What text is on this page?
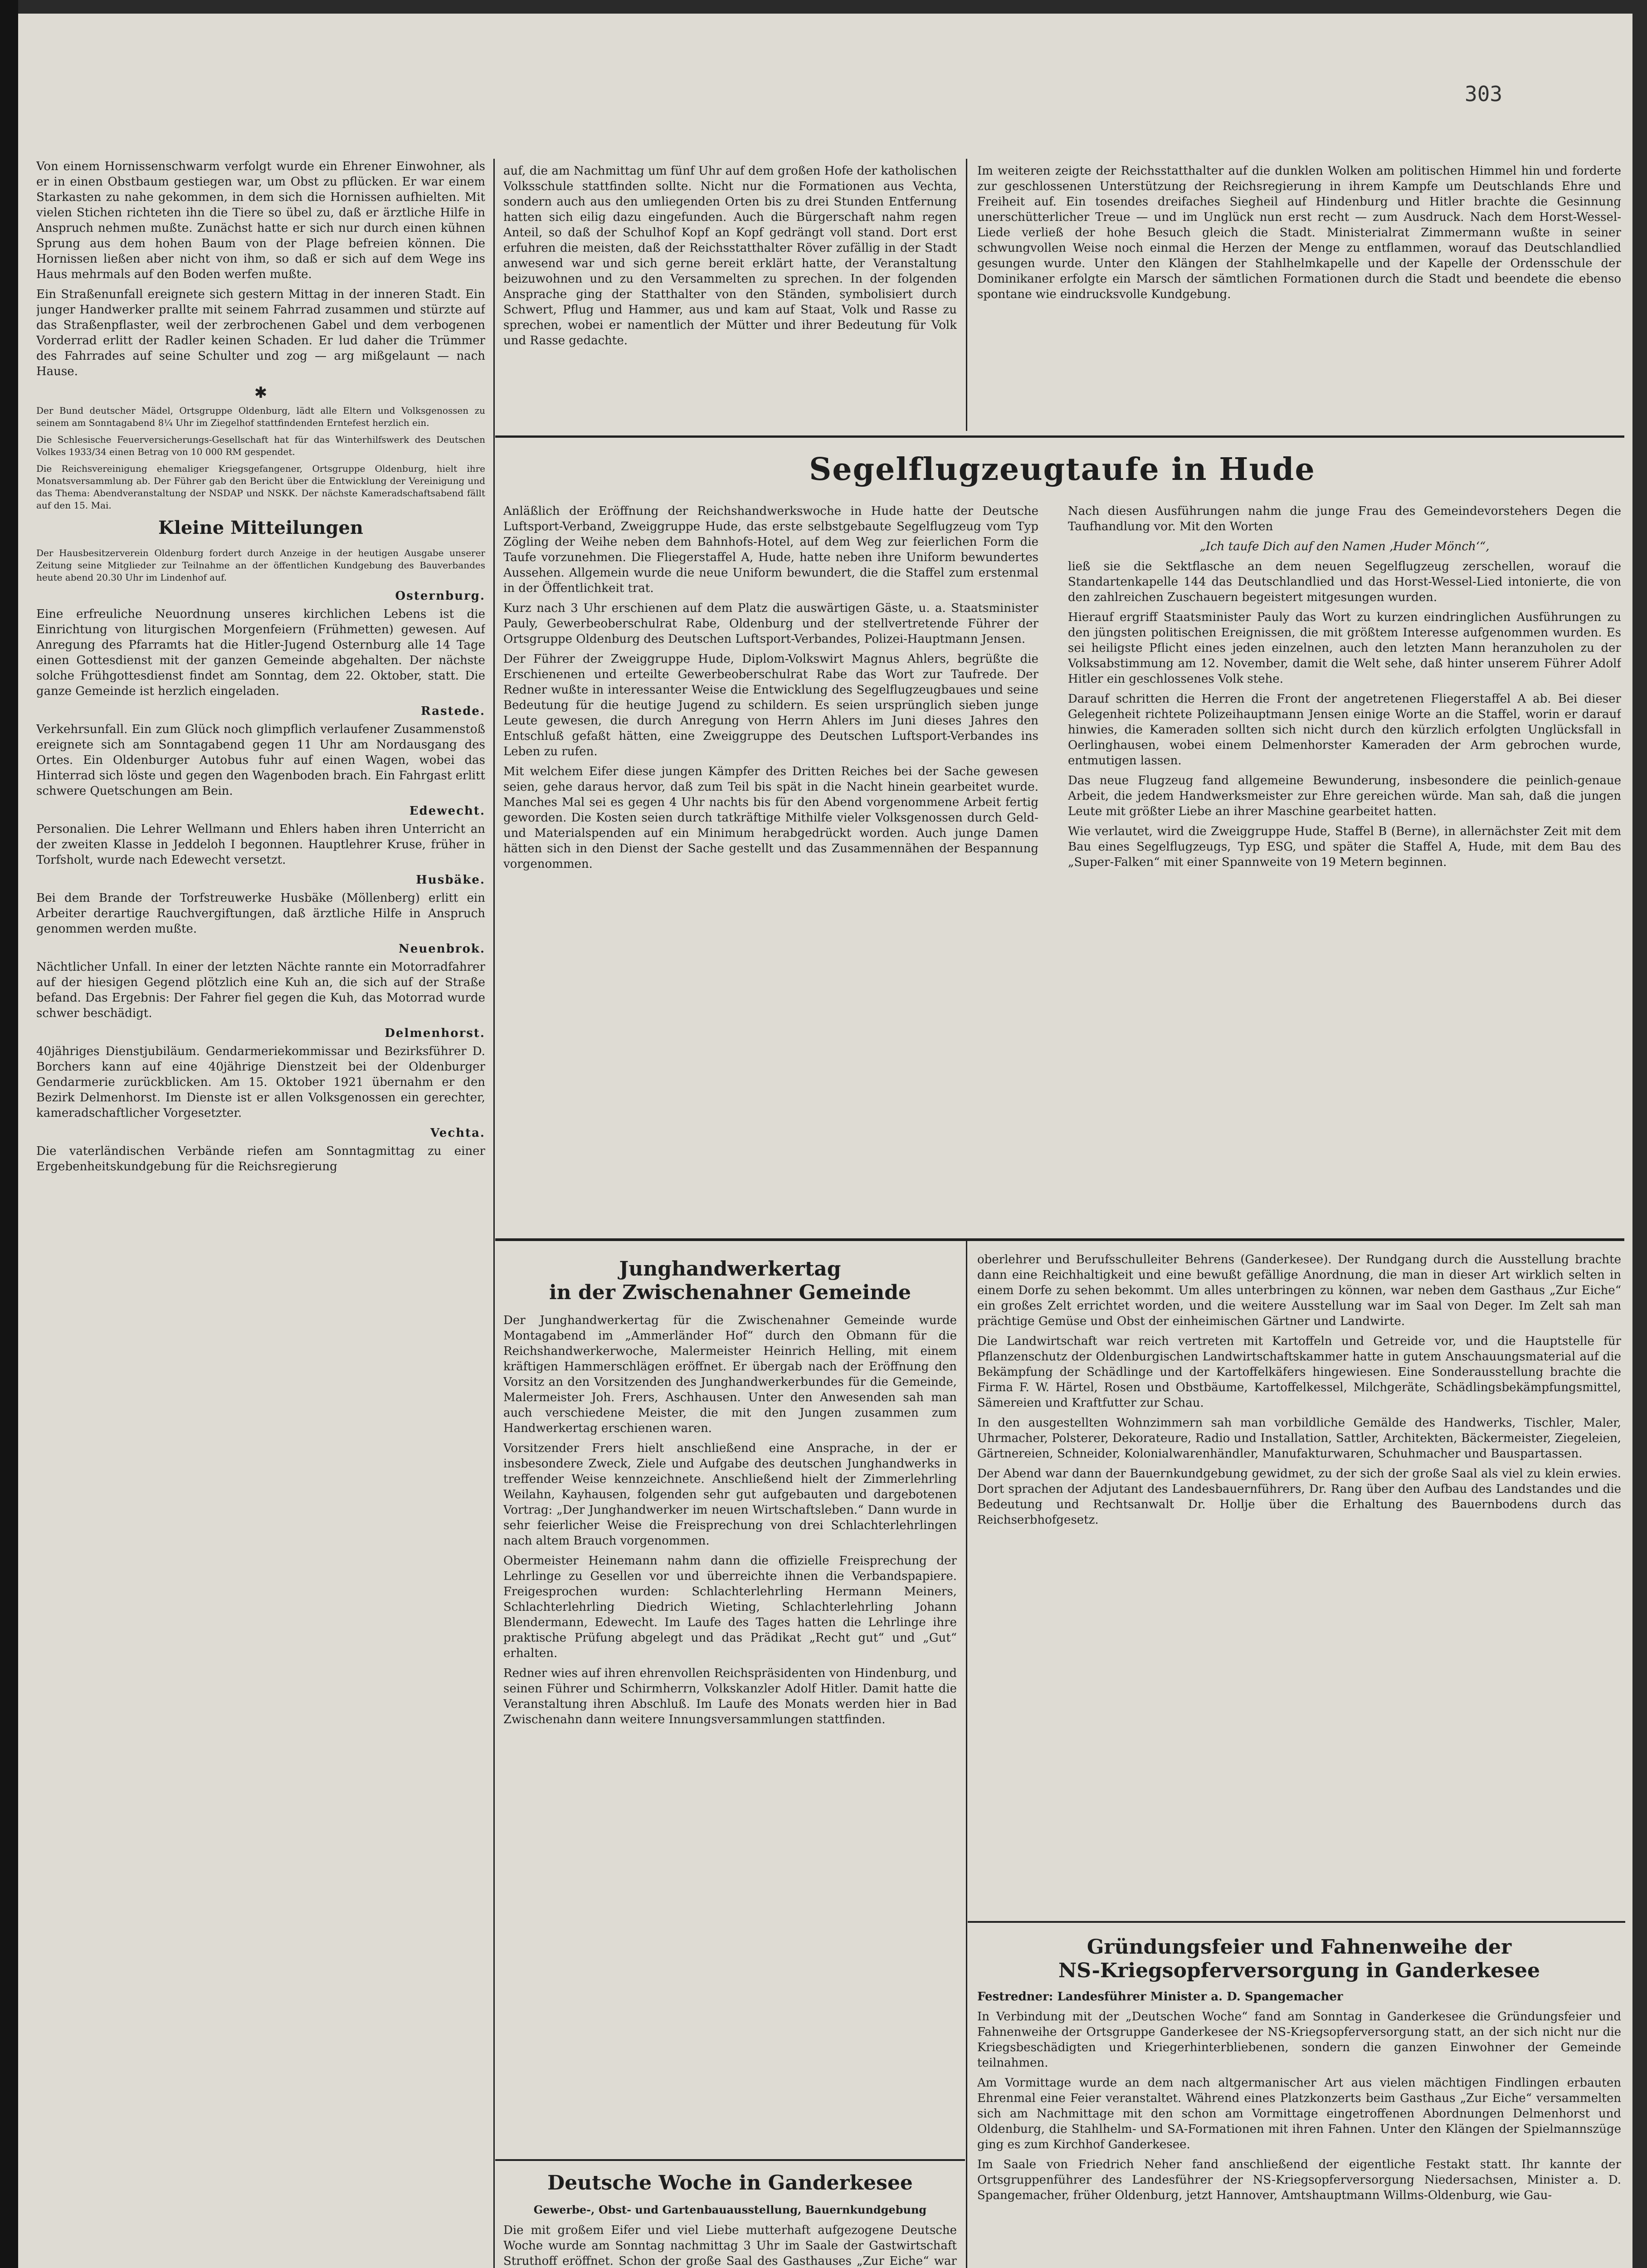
303

Von einem Hornissenschwarm verfolgt wurde ein Ehrener Einwohner, als er in einen Obstbaum gestiegen war, um Obst zu pflücken. Er war einem Starkasten zu nahe gekommen, in dem sich die Hornissen aufhielten. Mit vielen Stichen richteten ihn die Tiere so übel zu, daß er ärztliche Hilfe in Anspruch nehmen mußte. Zunächst hatte er sich nur durch einen kühnen Sprung aus dem hohen Baum von der Plage befreien können. Die Hornissen ließen aber nicht von ihm, so daß er sich auf dem Wege ins Haus mehrmals auf den Boden werfen mußte.

Ein Straßenunfall ereignete sich gestern Mittag in der inneren Stadt. Ein junger Handwerker prallte mit seinem Fahrrad zusammen und stürzte auf das Straßenpflaster, weil der zerbrochenen Gabel und dem verbogenen Vorderrad erlitt der Radler keinen Schaden. Er lud daher die Trümmer des Fahrrades auf seine Schulter und zog — arg mißgelaunt — nach Hause.

✱

Der Bund deutscher Mädel, Ortsgruppe Oldenburg, lädt alle Eltern und Volksgenossen zu seinem am Sonntagabend 8¼ Uhr im Ziegelhof stattfindenden Erntefest herzlich ein.

Die Schlesische Feuerversicherungs-Gesellschaft hat für das Winterhilfswerk des Deutschen Volkes 1933/34 einen Betrag von 10 000 RM gespendet.

Die Reichsvereinigung ehemaliger Kriegsgefangener, Ortsgruppe Oldenburg, hielt ihre Monatsversammlung ab. Der Führer gab den Bericht über die Entwicklung der Vereinigung und das Thema: Abendveranstaltung der NSDAP und NSKK. Der nächste Kameradschaftsabend fällt auf den 15. Mai.

Kleine Mitteilungen

Der Hausbesitzerverein Oldenburg fordert durch Anzeige in der heutigen Ausgabe unserer Zeitung seine Mitglieder zur Teilnahme an der öffentlichen Kundgebung des Bauverbandes heute abend 20.30 Uhr im Lindenhof auf.

Osternburg.

Eine erfreuliche Neuordnung unseres kirchlichen Lebens ist die Einrichtung von liturgischen Morgenfeiern (Frühmetten) gewesen. Auf Anregung des Pfarramts hat die Hitler-Jugend Osternburg alle 14 Tage einen Gottesdienst mit der ganzen Gemeinde abgehalten. Der nächste solche Frühgottesdienst findet am Sonntag, dem 22. Oktober, statt. Die ganze Gemeinde ist herzlich eingeladen.

Rastede.

Verkehrsunfall. Ein zum Glück noch glimpflich verlaufener Zusammenstoß ereignete sich am Sonntagabend gegen 11 Uhr am Nordausgang des Ortes. Ein Oldenburger Autobus fuhr auf einen Wagen, wobei das Hinterrad sich löste und gegen den Wagenboden brach. Ein Fahrgast erlitt schwere Quetschungen am Bein.

Edewecht.

Personalien. Die Lehrer Wellmann und Ehlers haben ihren Unterricht an der zweiten Klasse in Jeddeloh I begonnen. Hauptlehrer Kruse, früher in Torfsholt, wurde nach Edewecht versetzt.

Husbäke.

Bei dem Brande der Torfstreuwerke Husbäke (Möllenberg) erlitt ein Arbeiter derartige Rauchvergiftungen, daß ärztliche Hilfe in Anspruch genommen werden mußte.

Neuenbrok.

Nächtlicher Unfall. In einer der letzten Nächte rannte ein Motorradfahrer auf der hiesigen Gegend plötzlich eine Kuh an, die sich auf der Straße befand. Das Ergebnis: Der Fahrer fiel gegen die Kuh, das Motorrad wurde schwer beschädigt.

Delmenhorst.

40jähriges Dienstjubiläum. Gendarmeriekommissar und Bezirksführer D. Borchers kann auf eine 40jährige Dienstzeit bei der Oldenburger Gendarmerie zurückblicken. Am 15. Oktober 1921 übernahm er den Bezirk Delmenhorst. Im Dienste ist er allen Volksgenossen ein gerechter, kameradschaftlicher Vorgesetzter.

Vechta.

Die vaterländischen Verbände riefen am Sonntagmittag zu einer Ergebenheitskundgebung für die Reichsregierung

auf, die am Nachmittag um fünf Uhr auf dem großen Hofe der katholischen Volksschule stattfinden sollte. Nicht nur die Formationen aus Vechta, sondern auch aus den umliegenden Orten bis zu drei Stunden Entfernung hatten sich eilig dazu eingefunden. Auch die Bürgerschaft nahm regen Anteil, so daß der Schulhof Kopf an Kopf gedrängt voll stand. Dort erst erfuhren die meisten, daß der Reichsstatthalter Röver zufällig in der Stadt anwesend war und sich gerne bereit erklärt hatte, der Veranstaltung beizuwohnen und zu den Versammelten zu sprechen. In der folgenden Ansprache ging der Statthalter von den Ständen, symbolisiert durch Schwert, Pflug und Hammer, aus und kam auf Staat, Volk und Rasse zu sprechen, wobei er namentlich der Mütter und ihrer Bedeutung für Volk und Rasse gedachte.

Im weiteren zeigte der Reichsstatthalter auf die dunklen Wolken am politischen Himmel hin und forderte zur geschlossenen Unterstützung der Reichsregierung in ihrem Kampfe um Deutschlands Ehre und Freiheit auf. Ein tosendes dreifaches Siegheil auf Hindenburg und Hitler brachte die Gesinnung unerschütterlicher Treue — und im Unglück nun erst recht — zum Ausdruck. Nach dem Horst-Wessel-Liede verließ der hohe Besuch gleich die Stadt. Ministerialrat Zimmermann wußte in seiner schwungvollen Weise noch einmal die Herzen der Menge zu entflammen, worauf das Deutschlandlied gesungen wurde. Unter den Klängen der Stahlhelmkapelle und der Kapelle der Ordensschule der Dominikaner erfolgte ein Marsch der sämtlichen Formationen durch die Stadt und beendete die ebenso spontane wie eindrucksvolle Kundgebung.

Segelflugzeugtaufe in Hude

Anläßlich der Eröffnung der Reichshandwerkswoche in Hude hatte der Deutsche Luftsport-Verband, Zweiggruppe Hude, das erste selbstgebaute Segelflugzeug vom Typ Zögling der Weihe neben dem Bahnhofs-Hotel, auf dem Weg zur feierlichen Form die Taufe vorzunehmen. Die Fliegerstaffel A, Hude, hatte neben ihre Uniform bewundertes Aussehen. Allgemein wurde die neue Uniform bewundert, die die Staffel zum erstenmal in der Öffentlichkeit trat.

Kurz nach 3 Uhr erschienen auf dem Platz die auswärtigen Gäste, u. a. Staatsminister Pauly, Gewerbeoberschulrat Rabe, Oldenburg und der stellvertretende Führer der Ortsgruppe Oldenburg des Deutschen Luftsport-Verbandes, Polizei-Hauptmann Jensen.

Der Führer der Zweiggruppe Hude, Diplom-Volkswirt Magnus Ahlers, begrüßte die Erschienenen und erteilte Gewerbeoberschulrat Rabe das Wort zur Taufrede. Der Redner wußte in interessanter Weise die Entwicklung des Segelflugzeugbaues und seine Bedeutung für die heutige Jugend zu schildern. Es seien ursprünglich sieben junge Leute gewesen, die durch Anregung von Herrn Ahlers im Juni dieses Jahres den Entschluß gefaßt hätten, eine Zweiggruppe des Deutschen Luftsport-Verbandes ins Leben zu rufen.

Mit welchem Eifer diese jungen Kämpfer des Dritten Reiches bei der Sache gewesen seien, gehe daraus hervor, daß zum Teil bis spät in die Nacht hinein gearbeitet wurde. Manches Mal sei es gegen 4 Uhr nachts bis für den Abend vorgenommene Arbeit fertig geworden. Die Kosten seien durch tatkräftige Mithilfe vieler Volksgenossen durch Geld- und Materialspenden auf ein Minimum herabgedrückt worden. Auch junge Damen hätten sich in den Dienst der Sache gestellt und das Zusammennähen der Bespannung vorgenommen.

Nach diesen Ausführungen nahm die junge Frau des Gemeindevorstehers Degen die Taufhandlung vor. Mit den Worten

„Ich taufe Dich auf den Namen ‚Huder Mönch‘“,

ließ sie die Sektflasche an dem neuen Segelflugzeug zerschellen, worauf die Standartenkapelle 144 das Deutschlandlied und das Horst-Wessel-Lied intonierte, die von den zahlreichen Zuschauern begeistert mitgesungen wurden.

Hierauf ergriff Staatsminister Pauly das Wort zu kurzen eindringlichen Ausführungen zu den jüngsten politischen Ereignissen, die mit größtem Interesse aufgenommen wurden. Es sei heiligste Pflicht eines jeden einzelnen, auch den letzten Mann heranzuholen zu der Volksabstimmung am 12. November, damit die Welt sehe, daß hinter unserem Führer Adolf Hitler ein geschlossenes Volk stehe.

Darauf schritten die Herren die Front der angetretenen Fliegerstaffel A ab. Bei dieser Gelegenheit richtete Polizeihauptmann Jensen einige Worte an die Staffel, worin er darauf hinwies, die Kameraden sollten sich nicht durch den kürzlich erfolgten Unglücksfall in Oerlinghausen, wobei einem Delmenhorster Kameraden der Arm gebrochen wurde, entmutigen lassen.

Das neue Flugzeug fand allgemeine Bewunderung, insbesondere die peinlich-genaue Arbeit, die jedem Handwerksmeister zur Ehre gereichen würde. Man sah, daß die jungen Leute mit größter Liebe an ihrer Maschine gearbeitet hatten.

Wie verlautet, wird die Zweiggruppe Hude, Staffel B (Berne), in allernächster Zeit mit dem Bau eines Segelflugzeugs, Typ ESG, und später die Staffel A, Hude, mit dem Bau des „Super-Falken“ mit einer Spannweite von 19 Metern beginnen.

Junghandwerkertag
in der Zwischenahner Gemeinde

Der Junghandwerkertag für die Zwischenahner Gemeinde wurde Montagabend im „Ammerländer Hof“ durch den Obmann für die Reichshandwerkerwoche, Malermeister Heinrich Helling, mit einem kräftigen Hammerschlägen eröffnet. Er übergab nach der Eröffnung den Vorsitz an den Vorsitzenden des Junghandwerkerbundes für die Gemeinde, Malermeister Joh. Frers, Aschhausen. Unter den Anwesenden sah man auch verschiedene Meister, die mit den Jungen zusammen zum Handwerkertag erschienen waren.

Vorsitzender Frers hielt anschließend eine Ansprache, in der er insbesondere Zweck, Ziele und Aufgabe des deutschen Junghandwerks in treffender Weise kennzeichnete. Anschließend hielt der Zimmerlehrling Weilahn, Kayhausen, folgenden sehr gut aufgebauten und dargebotenen Vortrag: „Der Junghandwerker im neuen Wirtschaftsleben.“ Dann wurde in sehr feierlicher Weise die Freisprechung von drei Schlachterlehrlingen nach altem Brauch vorgenommen.

Obermeister Heinemann nahm dann die offizielle Freisprechung der Lehrlinge zu Gesellen vor und überreichte ihnen die Verbandspapiere. Freigesprochen wurden: Schlachterlehrling Hermann Meiners, Schlachterlehrling Diedrich Wieting, Schlachterlehrling Johann Blendermann, Edewecht. Im Laufe des Tages hatten die Lehrlinge ihre praktische Prüfung abgelegt und das Prädikat „Recht gut“ und „Gut“ erhalten.

Redner wies auf ihren ehrenvollen Reichspräsidenten von Hindenburg, und seinen Führer und Schirmherrn, Volkskanzler Adolf Hitler. Damit hatte die Veranstaltung ihren Abschluß. Im Laufe des Monats werden hier in Bad Zwischenahn dann weitere Innungsversammlungen stattfinden.

Deutsche Woche in Ganderkesee
Gewerbe-, Obst- und Gartenbauausstellung, Bauernkundgebung

Die mit großem Eifer und viel Liebe mutterhaft aufgezogene Deutsche Woche wurde am Sonntag nachmittag 3 Uhr im Saale der Gastwirtschaft Struthoff eröffnet. Schon der große Saal des Gasthauses „Zur Eiche“ war

oberlehrer und Berufsschulleiter Behrens (Ganderkesee). Der Rundgang durch die Ausstellung brachte dann eine Reichhaltigkeit und eine bewußt gefällige Anordnung, die man in dieser Art wirklich selten in einem Dorfe zu sehen bekommt. Um alles unterbringen zu können, war neben dem Gasthaus „Zur Eiche“ ein großes Zelt errichtet worden, und die weitere Ausstellung war im Saal von Deger. Im Zelt sah man prächtige Gemüse und Obst der einheimischen Gärtner und Landwirte.

Die Landwirtschaft war reich vertreten mit Kartoffeln und Getreide vor, und die Hauptstelle für Pflanzenschutz der Oldenburgischen Landwirtschaftskammer hatte in gutem Anschauungsmaterial auf die Bekämpfung der Schädlinge und der Kartoffelkäfers hingewiesen. Eine Sonderausstellung brachte die Firma F. W. Härtel, Rosen und Obstbäume, Kartoffelkessel, Milchgeräte, Schädlingsbekämpfungsmittel, Sämereien und Kraftfutter zur Schau.

In den ausgestellten Wohnzimmern sah man vorbildliche Gemälde des Handwerks, Tischler, Maler, Uhrmacher, Polsterer, Dekorateure, Radio und Installation, Sattler, Architekten, Bäckermeister, Ziegeleien, Gärtnereien, Schneider, Kolonialwarenhändler, Manufakturwaren, Schuhmacher und Bauspartassen.

Der Abend war dann der Bauernkundgebung gewidmet, zu der sich der große Saal als viel zu klein erwies. Dort sprachen der Adjutant des Landesbauernführers, Dr. Rang über den Aufbau des Landstandes und die Bedeutung und Rechtsanwalt Dr. Hollje über die Erhaltung des Bauernbodens durch das Reichserbhofgesetz.

Gründungsfeier und Fahnenweihe der
NS-Kriegsopferversorgung in Ganderkesee

Festredner: Landesführer Minister a. D. Spangemacher

In Verbindung mit der „Deutschen Woche“ fand am Sonntag in Ganderkesee die Gründungsfeier und Fahnenweihe der Ortsgruppe Ganderkesee der NS-Kriegsopferversorgung statt, an der sich nicht nur die Kriegsbeschädigten und Kriegerhinterbliebenen, sondern die ganzen Einwohner der Gemeinde teilnahmen.

Am Vormittage wurde an dem nach altgermanischer Art aus vielen mächtigen Findlingen erbauten Ehrenmal eine Feier veranstaltet. Während eines Platzkonzerts beim Gasthaus „Zur Eiche“ versammelten sich am Nachmittage mit den schon am Vormittage eingetroffenen Abordnungen Delmenhorst und Oldenburg, die Stahlhelm- und SA-Formationen mit ihren Fahnen. Unter den Klängen der Spielmannszüge ging es zum Kirchhof Ganderkesee.

Im Saale von Friedrich Neher fand anschließend der eigentliche Festakt statt. Ihr kannte der Ortsgruppenführer des Landesführer der NS-Kriegsopferversorgung Niedersachsen, Minister a. D. Spangemacher, früher Oldenburg, jetzt Hannover, Amtshauptmann Willms-Oldenburg, wie Gau-
